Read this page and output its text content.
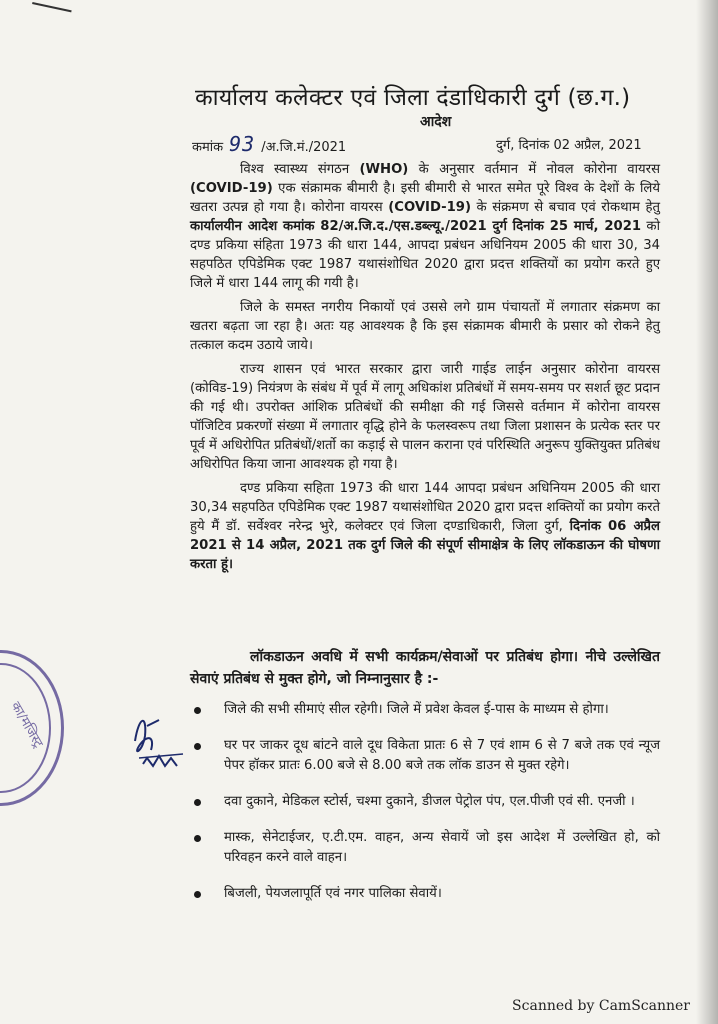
कार्यालय कलेक्टर एवं जिला दंडाधिकारी दुर्ग (छ.ग.)
आदेश
कमांक 93 /अ.जि.मं./2021	दुर्ग, दिनांक 02 अप्रैल, 2021

विश्व स्वास्थ्य संगठन (WHO) के अनुसार वर्तमान में नोवल कोरोना वायरस (COVID-19) एक संक्रामक बीमारी है। इसी बीमारी से भारत समेत पूरे विश्व के देशों के लिये खतरा उत्पन्न हो गया है। कोरोना वायरस (COVID-19) के संक्रमण से बचाव एवं रोकथाम हेतु कार्यालयीन आदेश कमांक 82/अ.जि.द./एस.डब्ल्यू./2021 दुर्ग दिनांक 25 मार्च, 2021 को दण्ड प्रकिया संहिता 1973 की धारा 144, आपदा प्रबंधन अधिनियम 2005 की धारा 30, 34 सहपठित एपिडेमिक एक्ट 1987 यथासंशोधित 2020 द्वारा प्रदत्त शक्तियों का प्रयोग करते हुए जिले में धारा 144 लागू की गयी है।

जिले के समस्त नगरीय निकायों एवं उससे लगे ग्राम पंचायतों में लगातार संक्रमण का खतरा बढ़ता जा रहा है। अतः यह आवश्यक है कि इस संक्रामक बीमारी के प्रसार को रोकने हेतु तत्काल कदम उठाये जाये।

राज्य शासन एवं भारत सरकार द्वारा जारी गाईड लाईन अनुसार कोरोना वायरस (कोविड-19) नियंत्रण के संबंध में पूर्व में लागू अधिकांश प्रतिबंधों में समय-समय पर सशर्त छूट प्रदान की गई थी। उपरोक्त आंशिक प्रतिबंधों की समीक्षा की गई जिससे वर्तमान में कोरोना वायरस पॉजिटिव प्रकरणों संख्या में लगातार वृद्धि होने के फलस्वरूप तथा जिला प्रशासन के प्रत्येक स्तर पर पूर्व में अधिरोपित प्रतिबंधों/शर्तो का कड़ाई से पालन कराना एवं परिस्थिति अनुरूप युक्तियुक्त प्रतिबंध अधिरोपित किया जाना आवश्यक हो गया है।

दण्ड प्रकिया सहिता 1973 की धारा 144 आपदा प्रबंधन अधिनियम 2005 की धारा 30,34 सहपठित एपिडेमिक एक्ट 1987 यथासंशोधित 2020 द्वारा प्रदत्त शक्तियों का प्रयोग करते हुये मैं डॉ. सर्वेश्वर नरेन्द्र भुरे, कलेक्टर एवं जिला दण्डाधिकारी, जिला दुर्ग, दिनांक 06 अप्रैल 2021 से 14 अप्रैल, 2021 तक दुर्ग जिले की संपूर्ण सीमाक्षेत्र के लिए लॉकडाऊन की घोषणा करता हूं।

लॉकडाऊन अवधि में सभी कार्यक्रम/सेवाओं पर प्रतिबंध होगा। नीचे उल्लेखित सेवाएं प्रतिबंध से मुक्त होगे, जो निम्नानुसार है :-
जिले की सभी सीमाएं सील रहेगी। जिले में प्रवेश केवल ई-पास के माध्यम से होगा।
घर पर जाकर दूध बांटने वाले दूध विकेता प्रातः 6 से 7 एवं शाम 6 से 7 बजे तक एवं न्यूज पेपर हॉकर प्रातः 6.00 बजे से 8.00 बजे तक लॉक डाउन से मुक्त रहेगे।
दवा दुकाने, मेडिकल स्टोर्स, चश्मा दुकाने, डीजल पेट्रोल पंप, एल.पीजी एवं सी. एनजी ।
मास्क, सेनेटाईजर, ए.टी.एम. वाहन, अन्य सेवायें जो इस आदेश में उल्लेखित हो, को परिवहन करने वाले वाहन।
बिजली, पेयजलापूर्ति एवं नगर पालिका सेवायें।
का/मजिस्ट्र
Scanned by CamScanner
